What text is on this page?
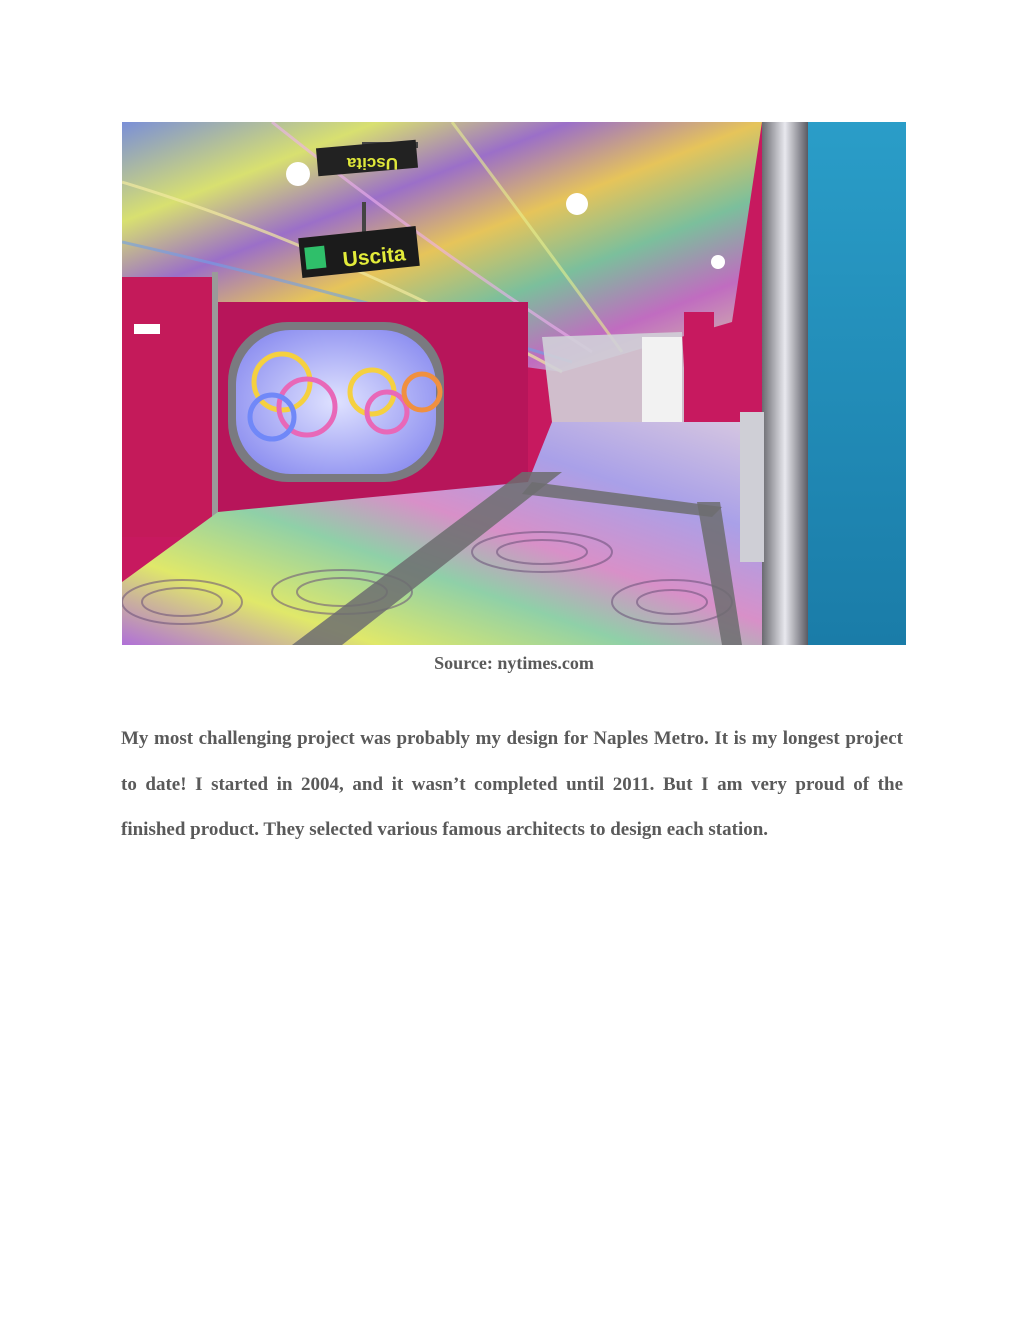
Uscita
Uscita
Source: nytimes.com

My most challenging project was probably my design for Naples Metro. It is my longest project to date! I started in 2004, and it wasn’t completed until 2011. But I am very proud of the finished product. They selected various famous architects to design each station.
